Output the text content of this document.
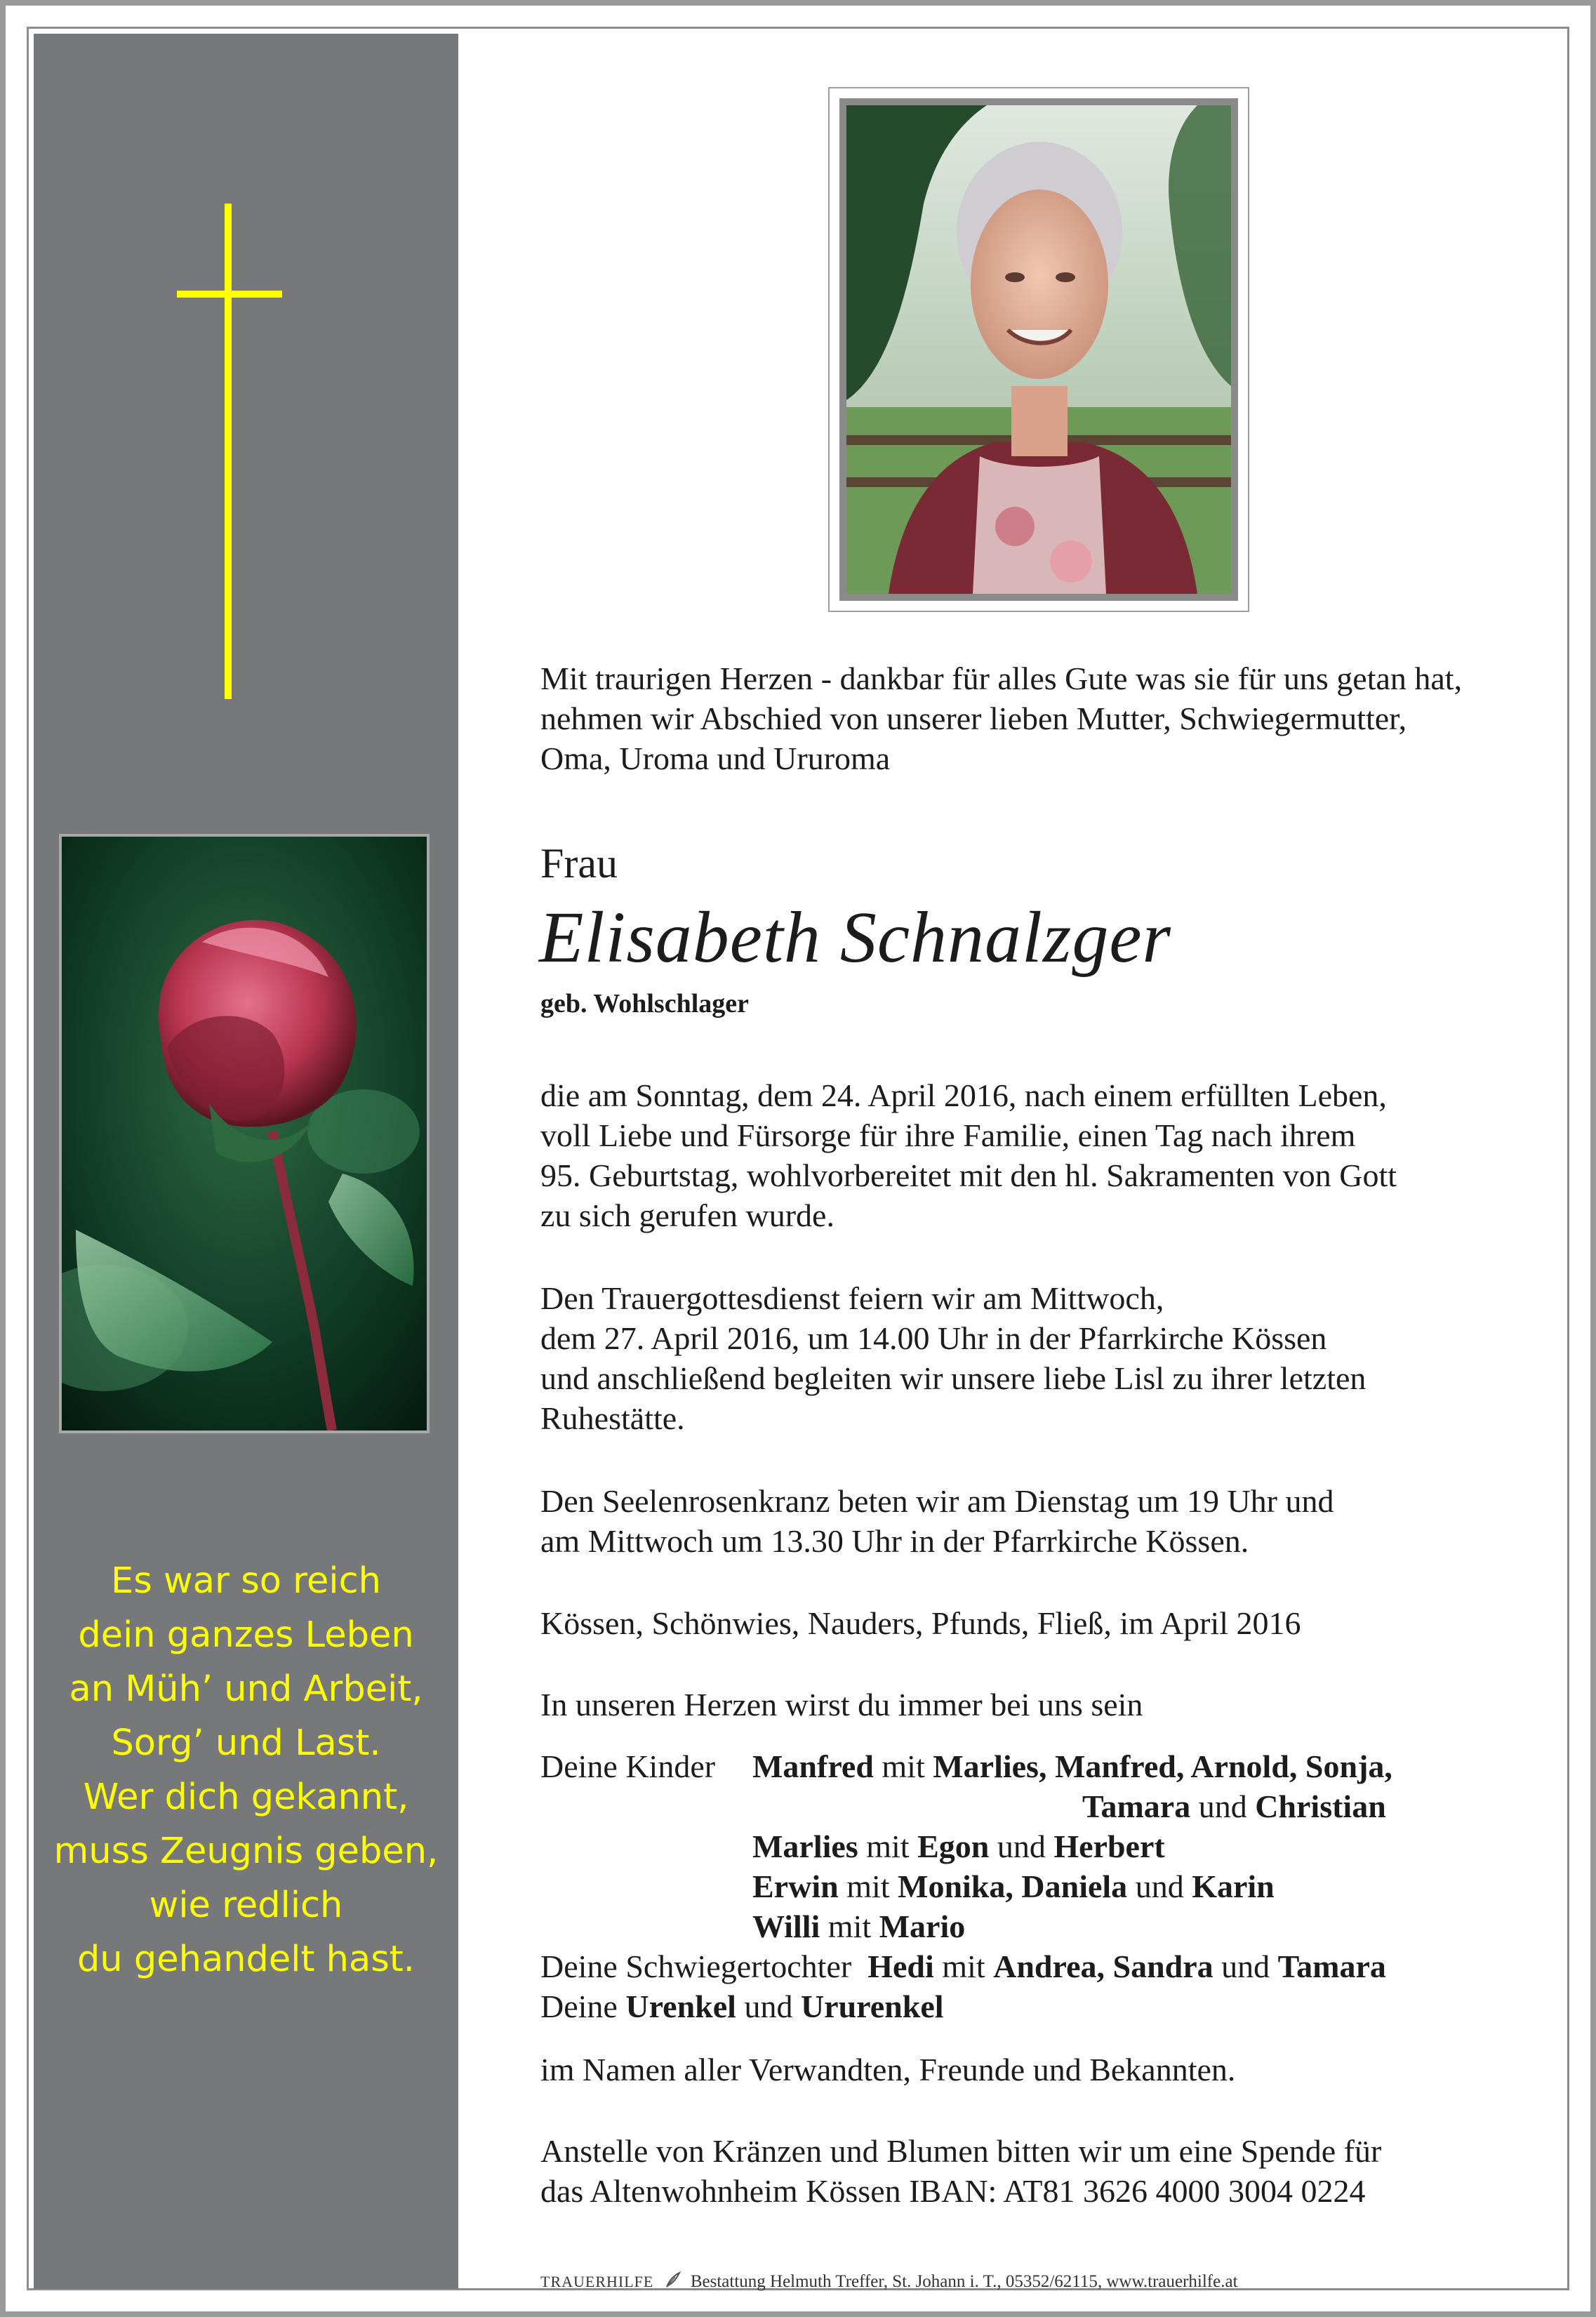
Es war so reich
dein ganzes Leben
an Müh’ und Arbeit,
Sorg’ und Last.
Wer dich gekannt,
muss Zeugnis geben,
wie redlich
du gehandelt hast.
Mit traurigen Herzen - dankbar für alles Gute was sie für uns getan hat,
nehmen wir Abschied von unserer lieben Mutter, Schwiegermutter,
Oma, Uroma und Ururoma
Frau
Elisabeth Schnalzger
geb. Wohlschlager
die am Sonntag, dem 24. April 2016, nach einem erfüllten Leben,
voll Liebe und Fürsorge für ihre Familie, einen Tag nach ihrem
95. Geburtstag, wohlvorbereitet mit den hl. Sakramenten von Gott
zu sich gerufen wurde.
Den Trauergottesdienst feiern wir am Mittwoch,
dem 27. April 2016, um 14.00 Uhr in der Pfarrkirche Kössen
und anschließend begleiten wir unsere liebe Lisl zu ihrer letzten
Ruhestätte.
Den Seelenrosenkranz beten wir am Dienstag um 19 Uhr und
am Mittwoch um 13.30 Uhr in der Pfarrkirche Kössen.
Kössen, Schönwies, Nauders, Pfunds, Fließ, im April 2016
In unseren Herzen wirst du immer bei uns sein
Deine Kinder Manfred mit Marlies, Manfred, Arnold, Sonja,
Tamara und Christian
Marlies mit Egon und Herbert
Erwin mit Monika, Daniela und Karin
Willi mit Mario
Deine Schwiegertochter Hedi mit Andrea, Sandra und Tamara
Deine Urenkel und Ururenkel
im Namen aller Verwandten, Freunde und Bekannten.
Anstelle von Kränzen und Blumen bitten wir um eine Spende für
das Altenwohnheim Kössen IBAN: AT81 3626 4000 3004 0224
TRAUERHILFE Bestattung Helmuth Treffer, St. Johann i. T., 05352/62115, www.trauerhilfe.at
